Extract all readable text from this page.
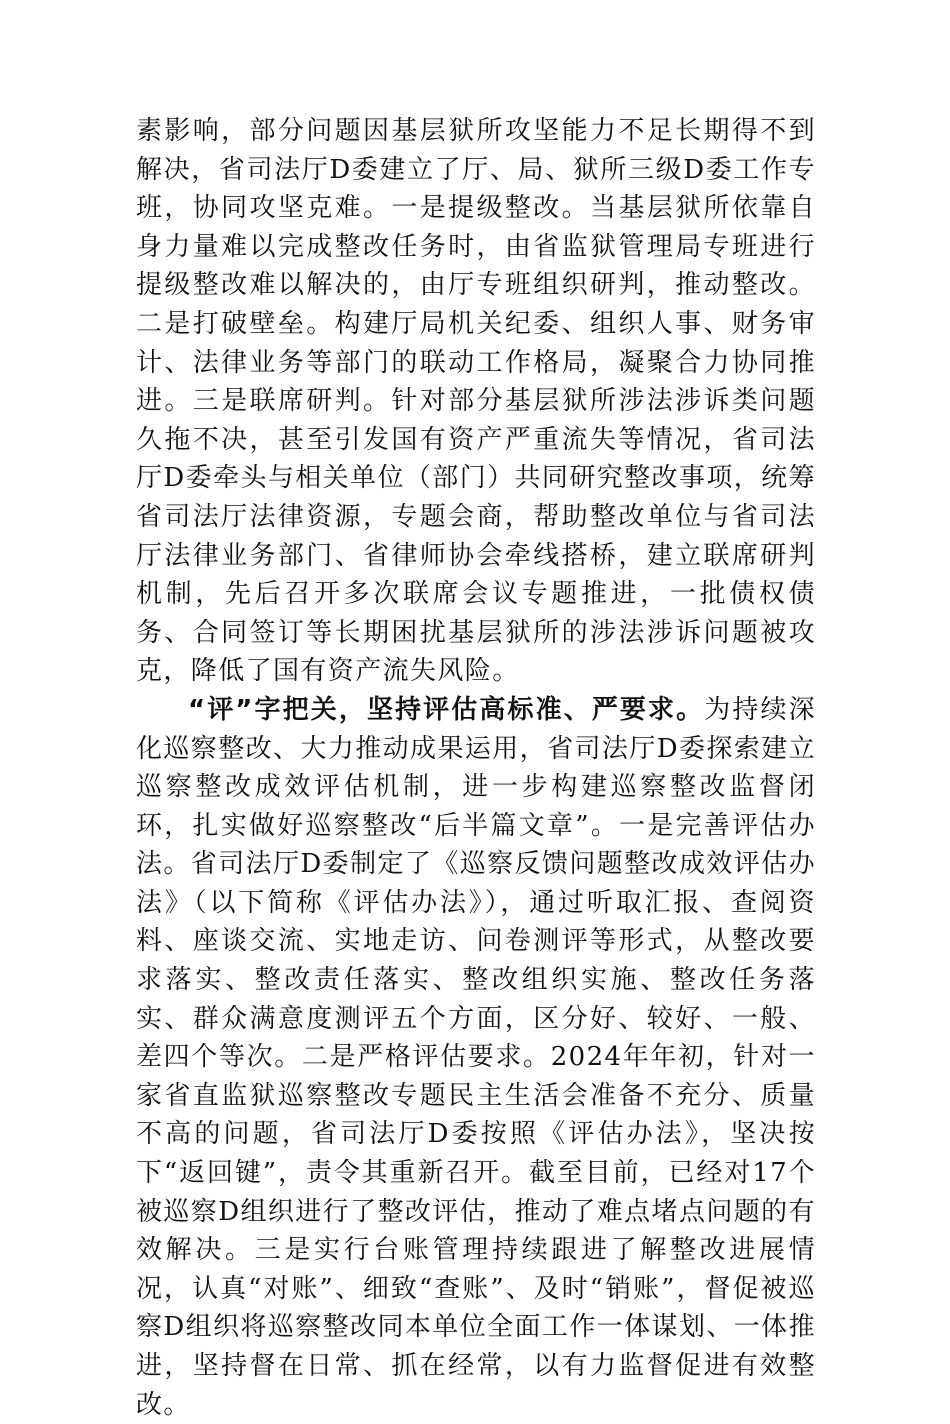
素影响，部分问题因基层狱所攻坚能力不足长期得不到解决，省司法厅D委建立了厅、局、狱所三级D委工作专班，协同攻坚克难。一是提级整改。当基层狱所依靠自身力量难以完成整改任务时，由省监狱管理局专班进行提级整改难以解决的，由厅专班组织研判，推动整改。二是打破壁垒。构建厅局机关纪委、组织人事、财务审计、法律业务等部门的联动工作格局，凝聚合力协同推进。三是联席研判。针对部分基层狱所涉法涉诉类问题久拖不决，甚至引发国有资产严重流失等情况，省司法厅D委牵头与相关单位（部门）共同研究整改事项，统筹省司法厅法律资源，专题会商，帮助整改单位与省司法厅法律业务部门、省律师协会牵线搭桥，建立联席研判机制，先后召开多次联席会议专题推进，一批债权债务、合同签订等长期困扰基层狱所的涉法涉诉问题被攻克，降低了国有资产流失风险。

“评”字把关，坚持评估高标准、严要求。为持续深化巡察整改、大力推动成果运用，省司法厅D委探索建立巡察整改成效评估机制，进一步构建巡察整改监督闭环，扎实做好巡察整改“后半篇文章”。一是完善评估办法。省司法厅D委制定了《巡察反馈问题整改成效评估办法》（以下简称《评估办法》），通过听取汇报、查阅资料、座谈交流、实地走访、问卷测评等形式，从整改要求落实、整改责任落实、整改组织实施、整改任务落实、群众满意度测评五个方面，区分好、较好、一般、差四个等次。二是严格评估要求。2024年年初，针对一家省直监狱巡察整改专题民主生活会准备不充分、质量不高的问题，省司法厅D委按照《评估办法》，坚决按下“返回键”，责令其重新召开。截至目前，已经对17个被巡察D组织进行了整改评估，推动了难点堵点问题的有效解决。三是实行台账管理持续跟进了解整改进展情况，认真“对账”、细致“查账”、及时“销账”，督促被巡察D组织将巡察整改同本单位全面工作一体谋划、一体推进，坚持督在日常、抓在经常，以有力监督促进有效整改。
